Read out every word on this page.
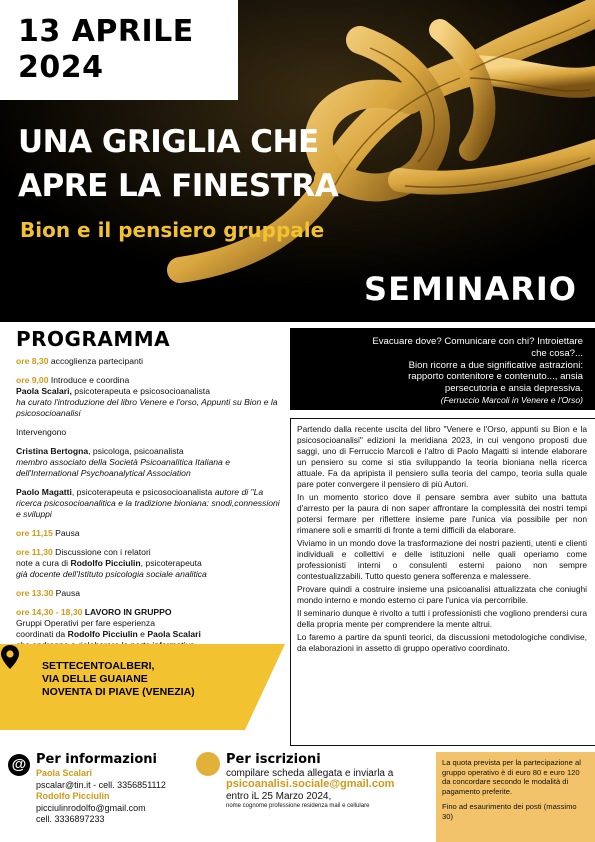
13 APRILE
2024
UNA GRIGLIA CHE
APRE LA FINESTRA
Bion e il pensiero gruppale
SEMINARIO
PROGRAMMA
ore 8,30 accoglienza partecipanti
ore 9,00 Introduce e coordina
Paola Scalari, psicoterapeuta e psicosocioanalista
ha curato l'introduzione del libro Venere e l'orso, Appunti su Bion e la psicosocioanalisi
Intervengono
Cristina Bertogna, psicologa, psicoanalista
membro associato della Società Psicoanalitica Italiana e dell'International Psychoanalytical Association
Paolo Magatti, psicoterapeuta e psicosocioanalista autore di "La ricerca psicosocioanalitica e la tradizione bioniana: snodi,connessioni e sviluppi
ore 11,15 Pausa
ore 11,30 Discussione con i relatori
note a cura di Rodolfo Picciulin, psicoterapeuta
già docente dell'Istituto psicologia sociale analitica
ore 13.30 Pausa
ore 14,30 - 18,30 LAVORO IN GRUPPO
Gruppi Operativi per fare esperienza
coordinati da Rodolfo Picciulin e Paola Scalari
SETTECENTOALBERI,
VIA DELLE GUAIANE
NOVENTA DI PIAVE (VENEZIA)
Evacuare dove? Comunicare con chi? Introiettare
che cosa?...
Bion ricorre a due significative astrazioni:
rapporto contenitore e contenuto..., ansia
persecutoria e ansia depressiva.
(Ferruccio Marcoli in Venere e l'Orso)

Partendo dalla recente uscita del libro "Venere e l'Orso, appunti su Bion e la psicosocioanalisi" edizioni la meridiana 2023, in cui vengono proposti due saggi, uno di Ferruccio Marcoli e l'altro di Paolo Magatti si intende elaborare un pensiero su come si stia sviluppando la teoria bioniana nella ricerca attuale. Fa da apripista il pensiero sulla teoria del campo, teoria sulla quale pare poter convergere il pensiero di più Autori.

In un momento storico dove il pensare sembra aver subito una battuta d'arresto per la paura di non saper affrontare la complessità dei nostri tempi potersi fermare per riflettere insieme pare l'unica via possibile per non rimanere soli e smarriti di fronte a temi difficili da elaborare.

Viviamo in un mondo dove la trasformazione dei nostri pazienti, utenti e clienti individuali e collettivi e delle istituzioni nelle quali operiamo come professionisti interni o consulenti esterni paiono non sempre contestualizzabili. Tutto questo genera sofferenza e malessere.

Provare quindi a costruire insieme una psicoanalisi attualizzata che coniughi mondo interno e mondo esterno ci pare l'unica via percorribile.

Il seminario dunque è rivolto a tutti i professionisti che vogliono prendersi cura della propria mente per comprendere la mente altrui.

Lo faremo a partire da spunti teorici, da discussioni metodologiche condivise, da elaborazioni in assetto di gruppo operativo coordinato.

@ Per informazioni
Paola Scalari
pscalar@tin.it - cell. 3356851112
Rodolfo Picciulin
picciulinrodolfo@gmail.com
cell. 3336897233
Per iscrizioni
compilare scheda allegata e inviarla a
psicoanalisi.sociale@gmail.com
entro iL 25 Marzo 2024,
nome cognome professione residenza mail e cellulare

La quota prevista per la partecipazione al gruppo operativo è di euro 80 e euro 120 da concordare secondo le modalità di pagamento preferite.

Fino ad esaurimento dei posti (massimo 30)
